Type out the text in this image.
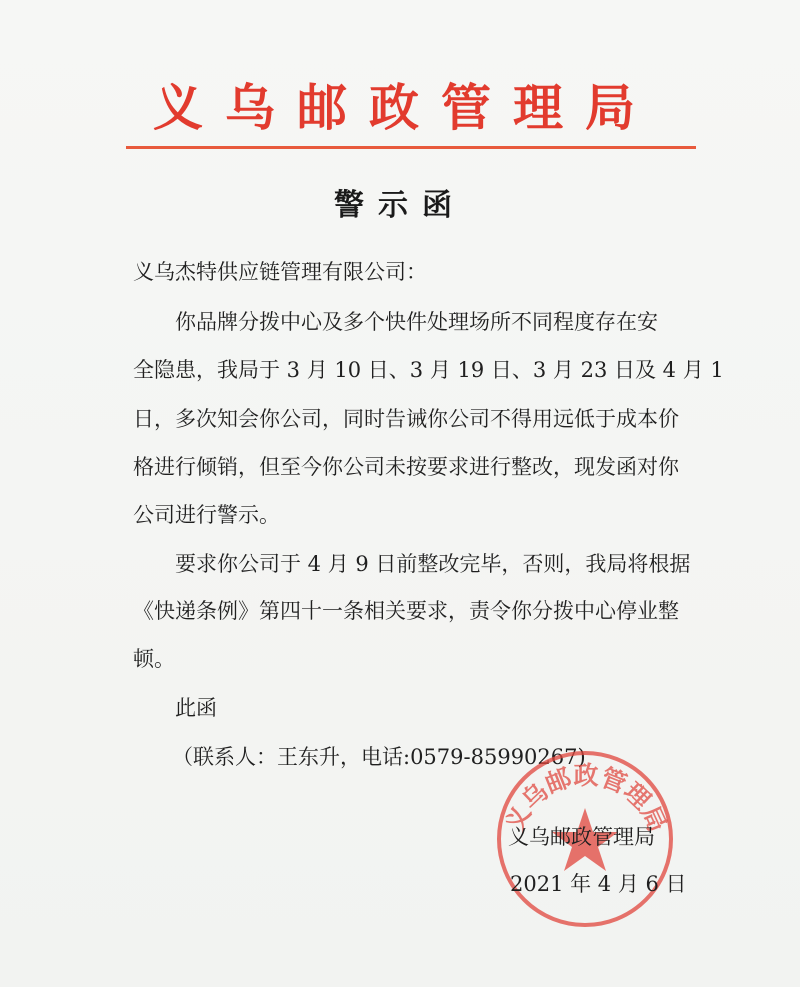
义乌邮政管理局
警示函
义乌杰特供应链管理有限公司：
你品牌分拨中心及多个快件处理场所不同程度存在安
全隐患，我局于 3 月 10 日、3 月 19 日、3 月 23 日及 4 月 1
日，多次知会你公司，同时告诫你公司不得用远低于成本价
格进行倾销，但至今你公司未按要求进行整改，现发函对你
公司进行警示。
要求你公司于 4 月 9 日前整改完毕，否则，我局将根据
《快递条例》第四十一条相关要求，责令你分拨中心停业整
顿。
此函
（联系人：王东升，电话:0579-85990267)
义乌邮政管理局
义乌邮政管理局
2021 年 4 月 6 日
